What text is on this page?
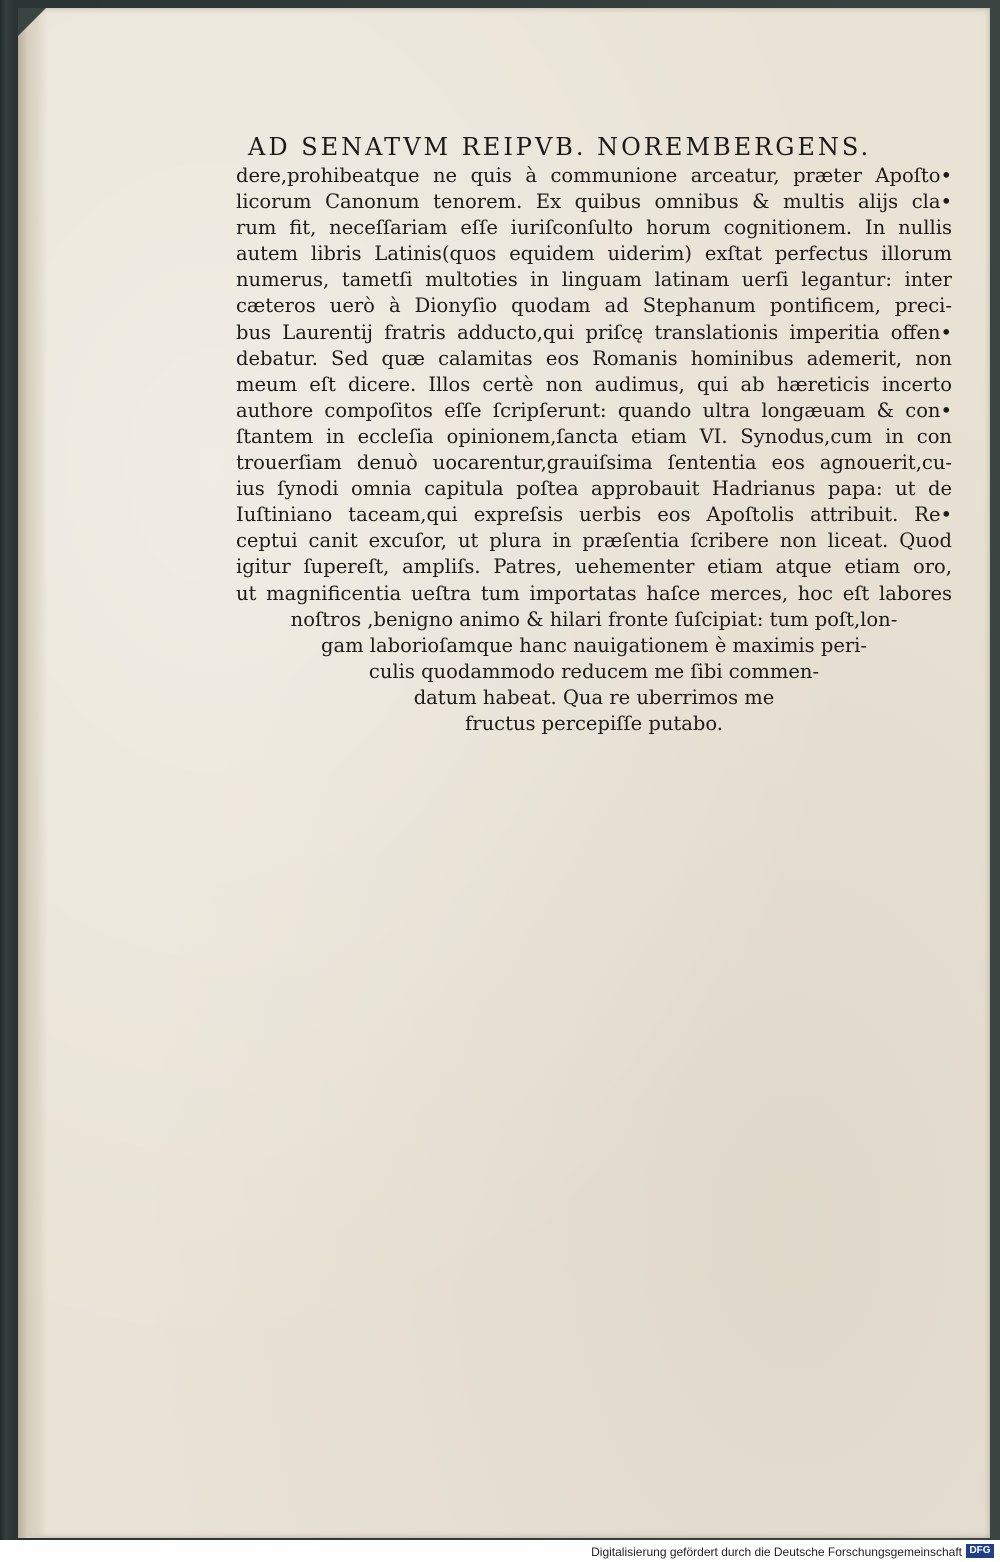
AD SENATVM REIPVB. NOREMBERGENS.
dere,prohibeatque ne quis à communione arceatur, præter Apoſto•
licorum Canonum tenorem. Ex quibus omnibus & multis alijs cla•
rum fit, neceſſariam eſſe iuriſconſulto horum cognitionem. In nullis
autem libris Latinis(quos equidem uiderim) exſtat perfectus illorum
numerus, tametſi multoties in linguam latinam uerſi legantur: inter
cæteros uerò à Dionyſio quodam ad Stephanum pontificem, preci-
bus Laurentij fratris adducto,qui priſcę translationis imperitia offen•
debatur. Sed quæ calamitas eos Romanis hominibus ademerit, non
meum eſt dicere. Illos certè non audimus, qui ab hæreticis incerto
authore compoſitos eſſe ſcripſerunt: quando ultra longæuam & con•
ſtantem in eccleſia opinionem,ſancta etiam VI. Synodus,cum in con
trouerſiam denuò uocarentur,grauiſsima ſententia eos agnouerit,cu-
ius ſynodi omnia capitula poſtea approbauit Hadrianus papa: ut de
Iuſtiniano taceam,qui expreſsis uerbis eos Apoſtolis attribuit. Re•
ceptui canit excuſor, ut plura in præſentia ſcribere non liceat. Quod
igitur ſupereſt, ampliſs. Patres, uehementer etiam atque etiam oro,
ut magnificentia ueſtra tum importatas haſce merces, hoc eſt labores
noſtros ,benigno animo & hilari fronte ſuſcipiat: tum poſt,lon-
gam laborioſamque hanc nauigationem è maximis peri-
culis quodammodo reducem me ſibi commen-
datum habeat. Qua re uberrimos me
fructus percepiſſe putabo.
Digitalisierung gefördert durch die Deutsche Forschungsgemeinschaft DFG
